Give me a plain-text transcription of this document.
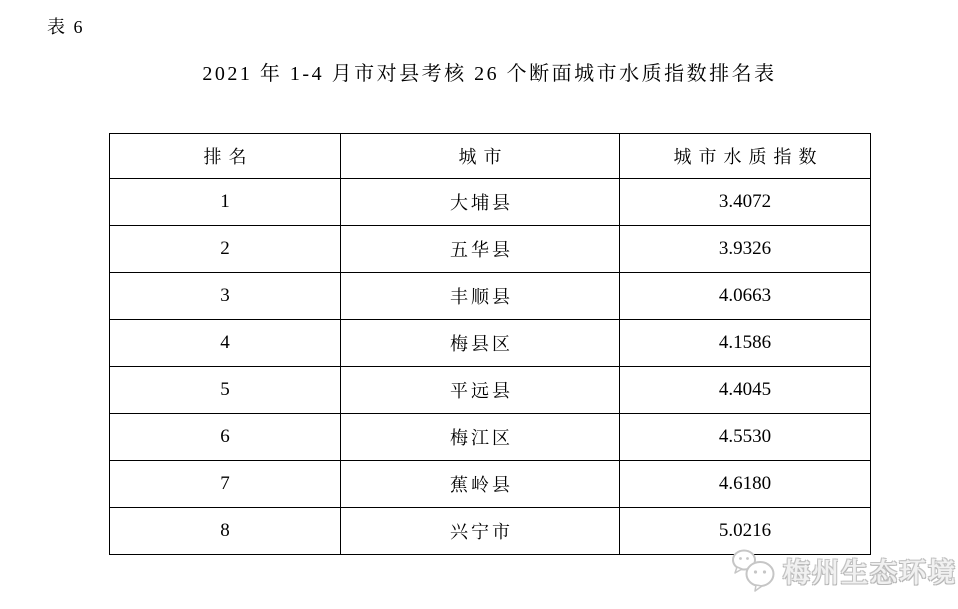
表 6
2021 年 1-4 月市对县考核 26 个断面城市水质指数排名表
排名	城市	城市水质指数
1	大埔县	3.4072
2	五华县	3.9326
3	丰顺县	4.0663
4	梅县区	4.1586
5	平远县	4.4045
6	梅江区	4.5530
7	蕉岭县	4.6180
8	兴宁市	5.0216
梅州生态环境
